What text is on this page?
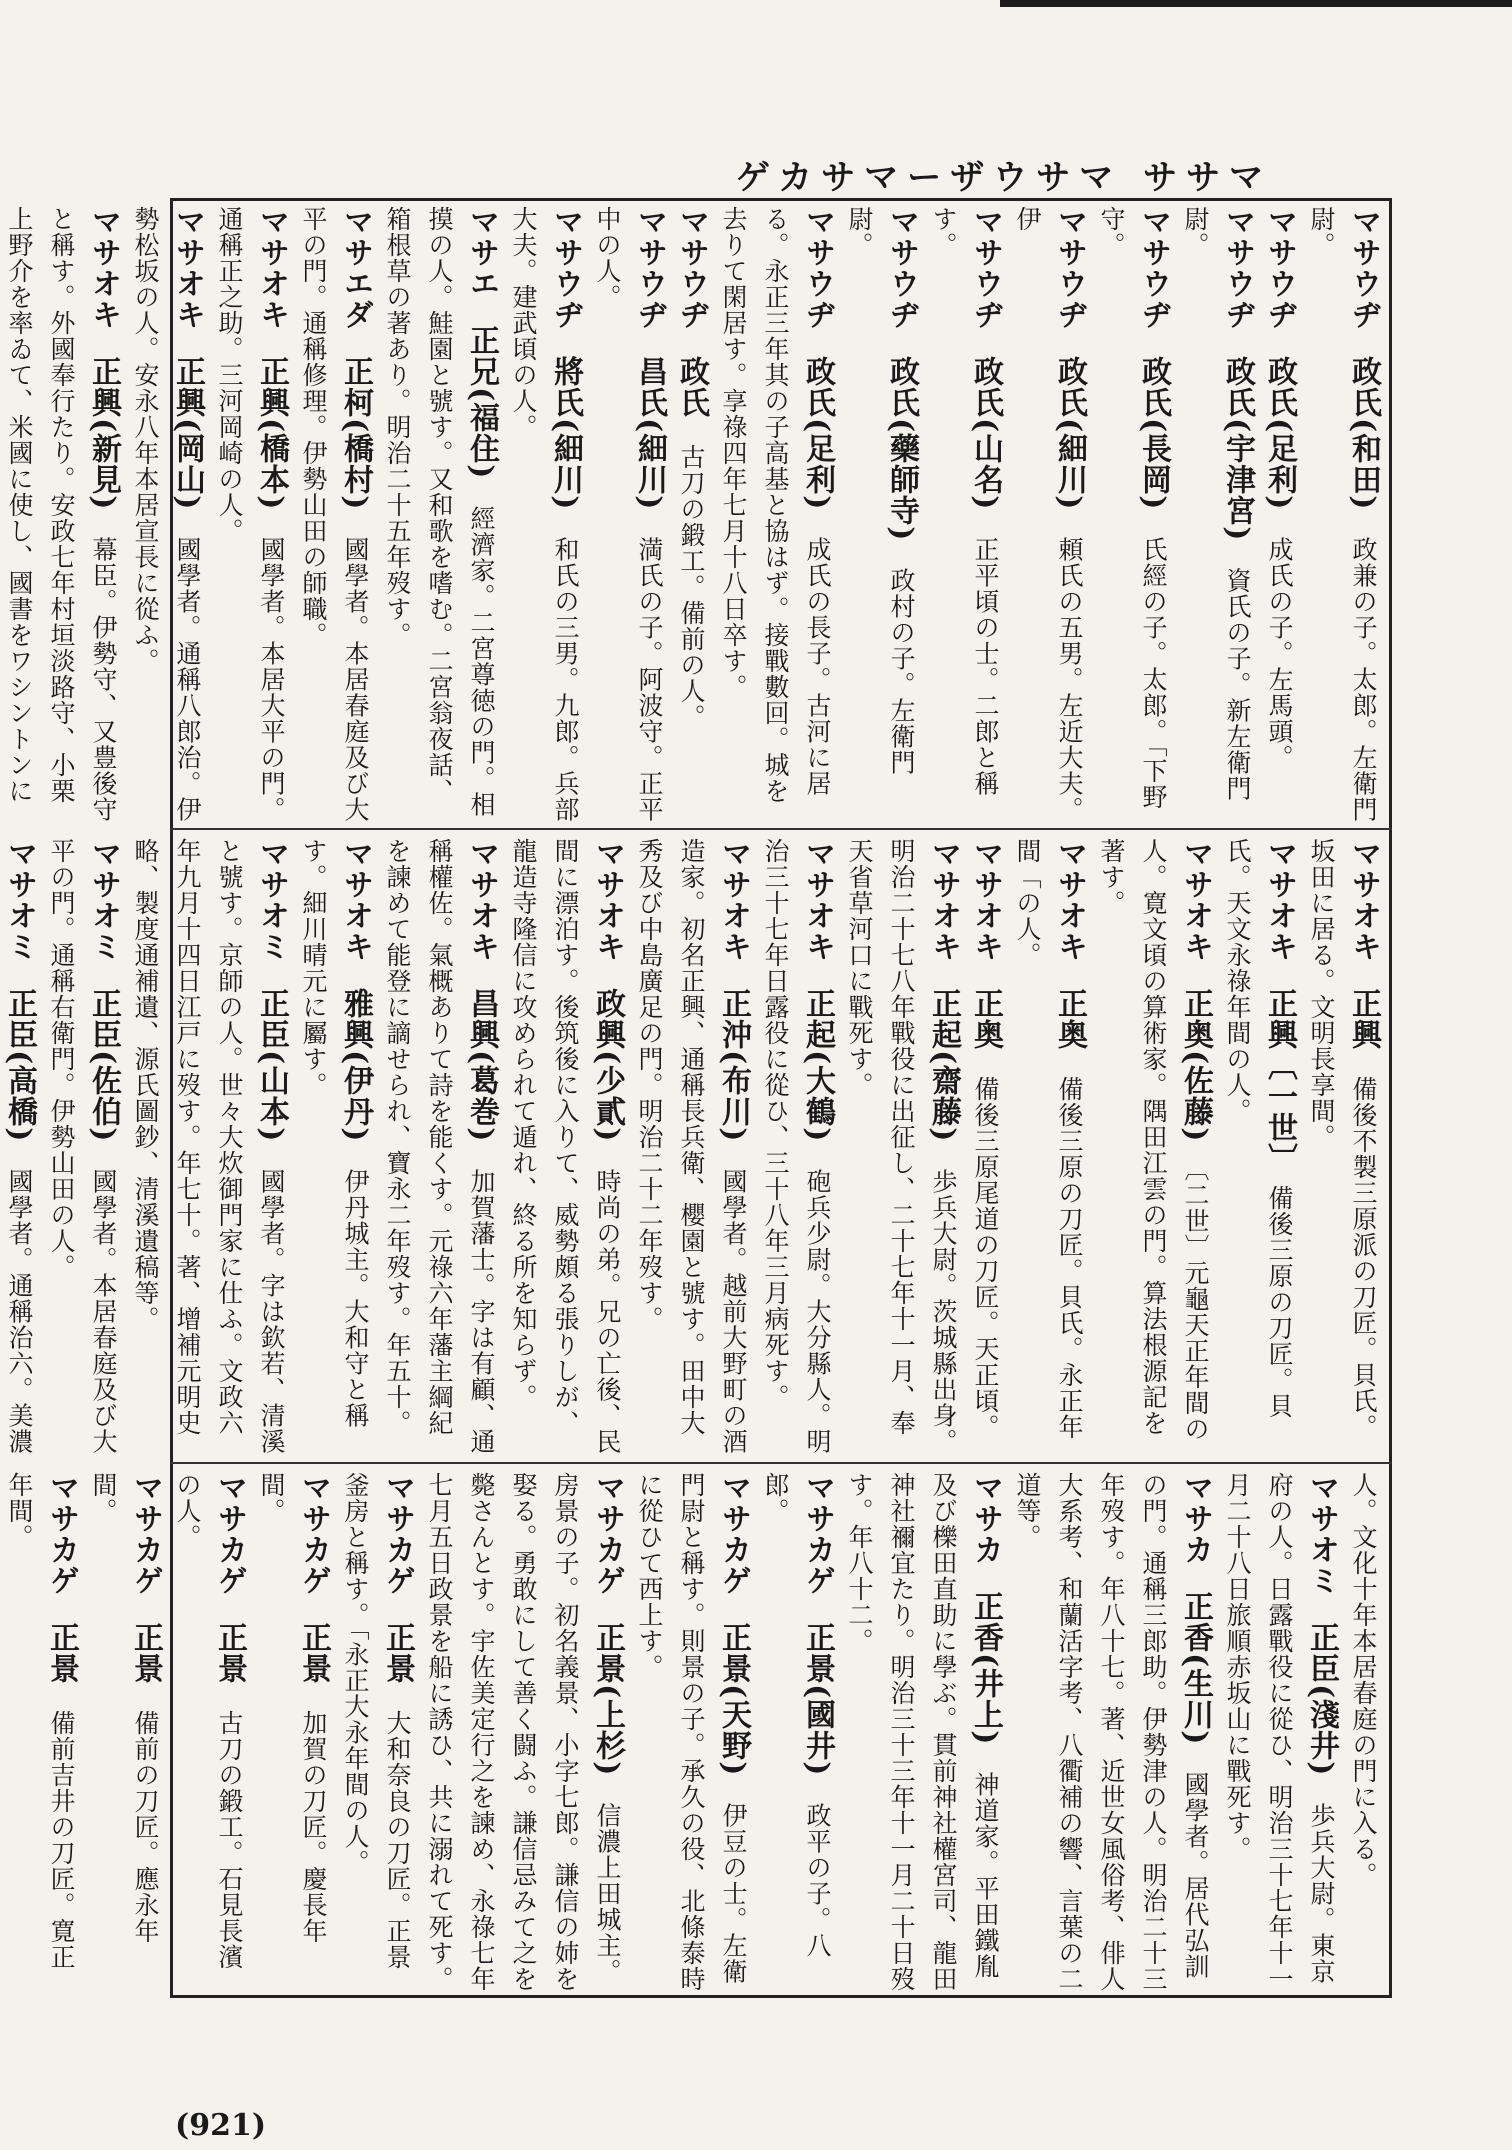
ゲカサマーザウサマ ササマ

マサウヂ　政氏(和田)　政兼の子。太郎。左衛門尉。

マサウヂ　政氏(足利)　成氏の子。左馬頭。

マサウヂ　政氏(宇津宮)　資氏の子。新左衛門尉。

マサウヂ　政氏(長岡)　氏經の子。太郎。「下野守。

マサウヂ　政氏(細川)　頼氏の五男。左近大夫。伊

マサウヂ　政氏(山名)　正平頃の士。二郎と稱す。

マサウヂ　政氏(藥師寺)　政村の子。左衛門尉。

マサウヂ　政氏(足利)　成氏の長子。古河に居る。永正三年其の子高基と協はず。接戰數回。城を去りて閑居す。享祿四年七月十八日卒す。

マサウヂ　政氏　古刀の鍛工。備前の人。

マサウヂ　昌氏(細川)　満氏の子。阿波守。正平中の人。

マサウヂ　將氏(細川)　和氏の三男。九郎。兵部大夫。建武頃の人。

マサエ　正兄(福住)　經濟家。二宮尊徳の門。相摸の人。鮭園と號す。又和歌を嗜む。二宮翁夜話、箱根草の著あり。明治二十五年歿す。

マサエダ　正柯(橋村)　國學者。本居春庭及び大平の門。通稱修理。伊勢山田の師職。

マサオキ　正興(橋本)　國學者。本居大平の門。通稱正之助。三河岡崎の人。

マサオキ　正興(岡山)　國學者。通稱八郎治。伊勢松坂の人。安永八年本居宣長に從ふ。

マサオキ　正興(新見)　幕臣。伊勢守、又豊後守と稱す。外國奉行たり。安政七年村垣淡路守、小栗上野介を率ゐて、米國に使し、國書をワシントンに

マサオキ　正興　備後不製三原派の刀匠。貝氏。坂田に居る。文明長享間。

マサオキ　正興〔一世〕　備後三原の刀匠。貝氏。天文永祿年間の人。

マサオキ　正奥(佐藤)　〔二世〕元龜天正年間の人。寛文頃の算術家。隅田江雲の門。算法根源記を著す。

マサオキ　正奥　備後三原の刀匠。貝氏。永正年間「の人。

マサオキ　正奥　備後三原尾道の刀匠。天正頃。

マサオキ　正起(齋藤)　歩兵大尉。茨城縣出身。明治二十七八年戰役に出征し、二十七年十一月、奉天省草河口に戰死す。

マサオキ　正起(大鶴)　砲兵少尉。大分縣人。明治三十七年日露役に從ひ、三十八年三月病死す。

マサオキ　正沖(布川)　國學者。越前大野町の酒造家。初名正興、通稱長兵衛、櫻園と號す。田中大秀及び中島廣足の門。明治二十二年歿す。

マサオキ　政興(少貳)　時尚の弟。兄の亡後、民間に漂泊す。後筑後に入りて、威勢頗る張りしが、龍造寺隆信に攻められて遁れ、終る所を知らず。

マサオキ　昌興(葛巻)　加賀藩士。字は有顧、通稱權佐。氣概ありて詩を能くす。元祿六年藩主綱紀を諫めて能登に謫せられ、寶永二年歿す。年五十。

マサオキ　雅興(伊丹)　伊丹城主。大和守と稱す。細川晴元に屬す。

マサオミ　正臣(山本)　國學者。字は欽若、清溪と號す。京師の人。世々大炊御門家に仕ふ。文政六年九月十四日江戸に歿す。年七十。著、增補元明史略、製度通補遺、源氏圖鈔、清溪遺稿等。

マサオミ　正臣(佐伯)　國學者。本居春庭及び大平の門。通稱右衛門。伊勢山田の人。

マサオミ　正臣(高橋)　國學者。通稱治六。美濃

人。文化十年本居春庭の門に入る。

マサオミ　正臣(淺井)　歩兵大尉。東京府の人。日露戰役に從ひ、明治三十七年十一月二十八日旅順赤坂山に戰死す。

マサカ　正香(生川)　國學者。居代弘訓の門。通稱三郎助。伊勢津の人。明治二十三年歿す。年八十七。著、近世女風俗考、俳人大系考、和蘭活字考、八衢補の響、言葉の二道等。

マサカ　正香(井上)　神道家。平田鐵胤及び櫟田直助に學ぶ。貫前神社權宮司、龍田神社禰宜たり。明治三十三年十一月二十日歿す。年八十二。

マサカゲ　正景(國井)　政平の子。八郎。

マサカゲ　正景(天野)　伊豆の士。左衛門尉と稱す。則景の子。承久の役、北條泰時に從ひて西上す。

マサカゲ　正景(上杉)　信濃上田城主。房景の子。初名義景、小字七郎。謙信の姉を娶る。勇敢にして善く闘ふ。謙信忌みて之を斃さんとす。宇佐美定行之を諫め、永祿七年七月五日政景を船に誘ひ、共に溺れて死す。

マサカゲ　正景　大和奈良の刀匠。正景釜房と稱す。「永正大永年間の人。

マサカゲ　正景　加賀の刀匠。慶長年間。

マサカゲ　正景　古刀の鍛工。石見長濱の人。

マサカゲ　正景　備前の刀匠。應永年間。

マサカゲ　正景　備前吉井の刀匠。寛正年間。

(921)
